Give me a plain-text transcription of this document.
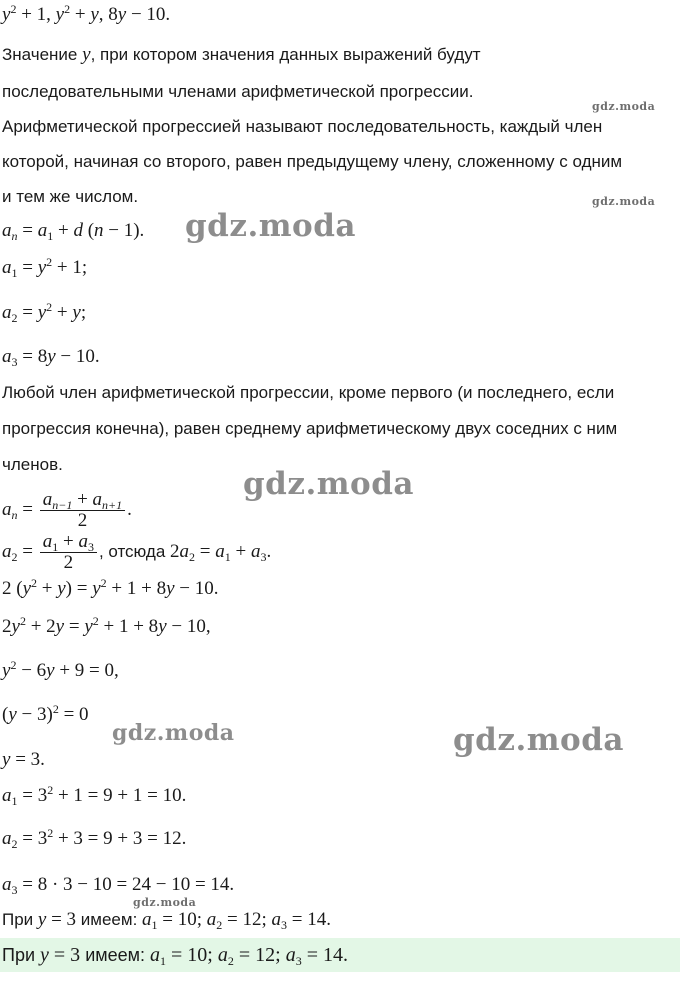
$y^2 + 1$, $y^2 + y$, 8y − 10.
Значение y, при котором значения данных выражений будут
последовательными членами арифметической прогрессии.
Арифметической прогрессией называют последовательность, каждый член
которой, начиная со второго, равен предыдущему члену, сложенному с одним
и тем же числом.
$a_n = a_1 + d$ (n − 1).
$a_1 = y^2 + 1$;
$a_2 = y^2 + y$;
$a_3 = 8y - 10$.
Любой член арифметической прогрессии, кроме первого (и последнего, если
прогрессия конечна), равен среднему арифметическому двух соседних с ним
членов.
$a_n = \frac{a_{n-1} + a_{n+1}}{2}$ .
$a_2 = \frac{a_1 + a_3}{2}$ , отсюда $2a_2 = a_1 + a_3$.
2 $(y^2 + y) = y^2 + 1 + 8y - 10$.
$2y^2 + 2y = y^2 + 1 + 8y - 10$,
$y^2 - 6y + 9 = 0$,
$(y - 3)^2 = 0$
y = 3.
$a_1 = 3^2 + 1 = 9 + 1 = 10$.
$a_2 = 3^2 + 3 = 9 + 3 = 12$.
$a_3 = 8 \cdot 3 - 10 = 24 - 10 = 14$.
При y = 3 имеем: $a_1 = 10$; $a_2 = 12$; $a_3 = 14$.
При y = 3 имеем: $a_1 = 10$; $a_2 = 12$; $a_3 = 14$.
gdz.moda
gdz.moda
gdz.moda
gdz.moda
gdz.moda	gdz.moda
gdz.moda
